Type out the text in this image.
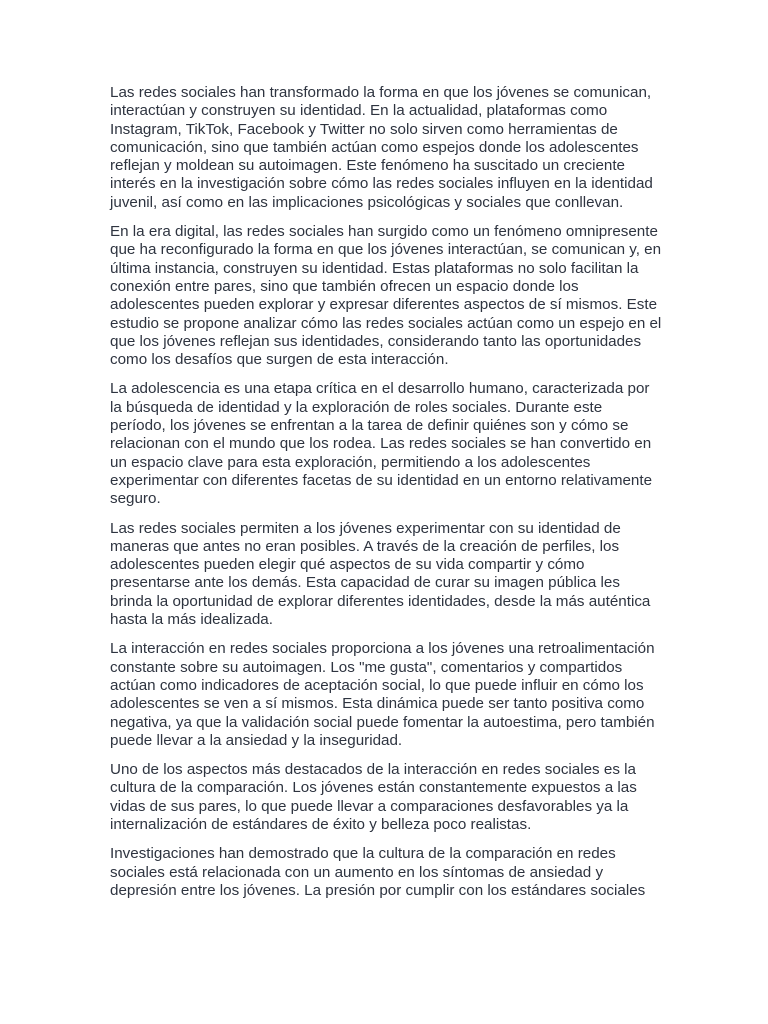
Las redes sociales han transformado la forma en que los jóvenes se comunican, interactúan y construyen su identidad. En la actualidad, plataformas como Instagram, TikTok, Facebook y Twitter no solo sirven como herramientas de comunicación, sino que también actúan como espejos donde los adolescentes reflejan y moldean su autoimagen. Este fenómeno ha suscitado un creciente interés en la investigación sobre cómo las redes sociales influyen en la identidad juvenil, así como en las implicaciones psicológicas y sociales que conllevan.

En la era digital, las redes sociales han surgido como un fenómeno omnipresente que ha reconfigurado la forma en que los jóvenes interactúan, se comunican y, en última instancia, construyen su identidad. Estas plataformas no solo facilitan la conexión entre pares, sino que también ofrecen un espacio donde los adolescentes pueden explorar y expresar diferentes aspectos de sí mismos. Este estudio se propone analizar cómo las redes sociales actúan como un espejo en el que los jóvenes reflejan sus identidades, considerando tanto las oportunidades como los desafíos que surgen de esta interacción.

La adolescencia es una etapa crítica en el desarrollo humano, caracterizada por la búsqueda de identidad y la exploración de roles sociales. Durante este período, los jóvenes se enfrentan a la tarea de definir quiénes son y cómo se relacionan con el mundo que los rodea. Las redes sociales se han convertido en un espacio clave para esta exploración, permitiendo a los adolescentes experimentar con diferentes facetas de su identidad en un entorno relativamente seguro.

Las redes sociales permiten a los jóvenes experimentar con su identidad de maneras que antes no eran posibles. A través de la creación de perfiles, los adolescentes pueden elegir qué aspectos de su vida compartir y cómo presentarse ante los demás. Esta capacidad de curar su imagen pública les brinda la oportunidad de explorar diferentes identidades, desde la más auténtica hasta la más idealizada.

La interacción en redes sociales proporciona a los jóvenes una retroalimentación constante sobre su autoimagen. Los "me gusta", comentarios y compartidos actúan como indicadores de aceptación social, lo que puede influir en cómo los adolescentes se ven a sí mismos. Esta dinámica puede ser tanto positiva como negativa, ya que la validación social puede fomentar la autoestima, pero también puede llevar a la ansiedad y la inseguridad.

Uno de los aspectos más destacados de la interacción en redes sociales es la cultura de la comparación. Los jóvenes están constantemente expuestos a las vidas de sus pares, lo que puede llevar a comparaciones desfavorables ya la internalización de estándares de éxito y belleza poco realistas.

Investigaciones han demostrado que la cultura de la comparación en redes sociales está relacionada con un aumento en los síntomas de ansiedad y depresión entre los jóvenes. La presión por cumplir con los estándares sociales
